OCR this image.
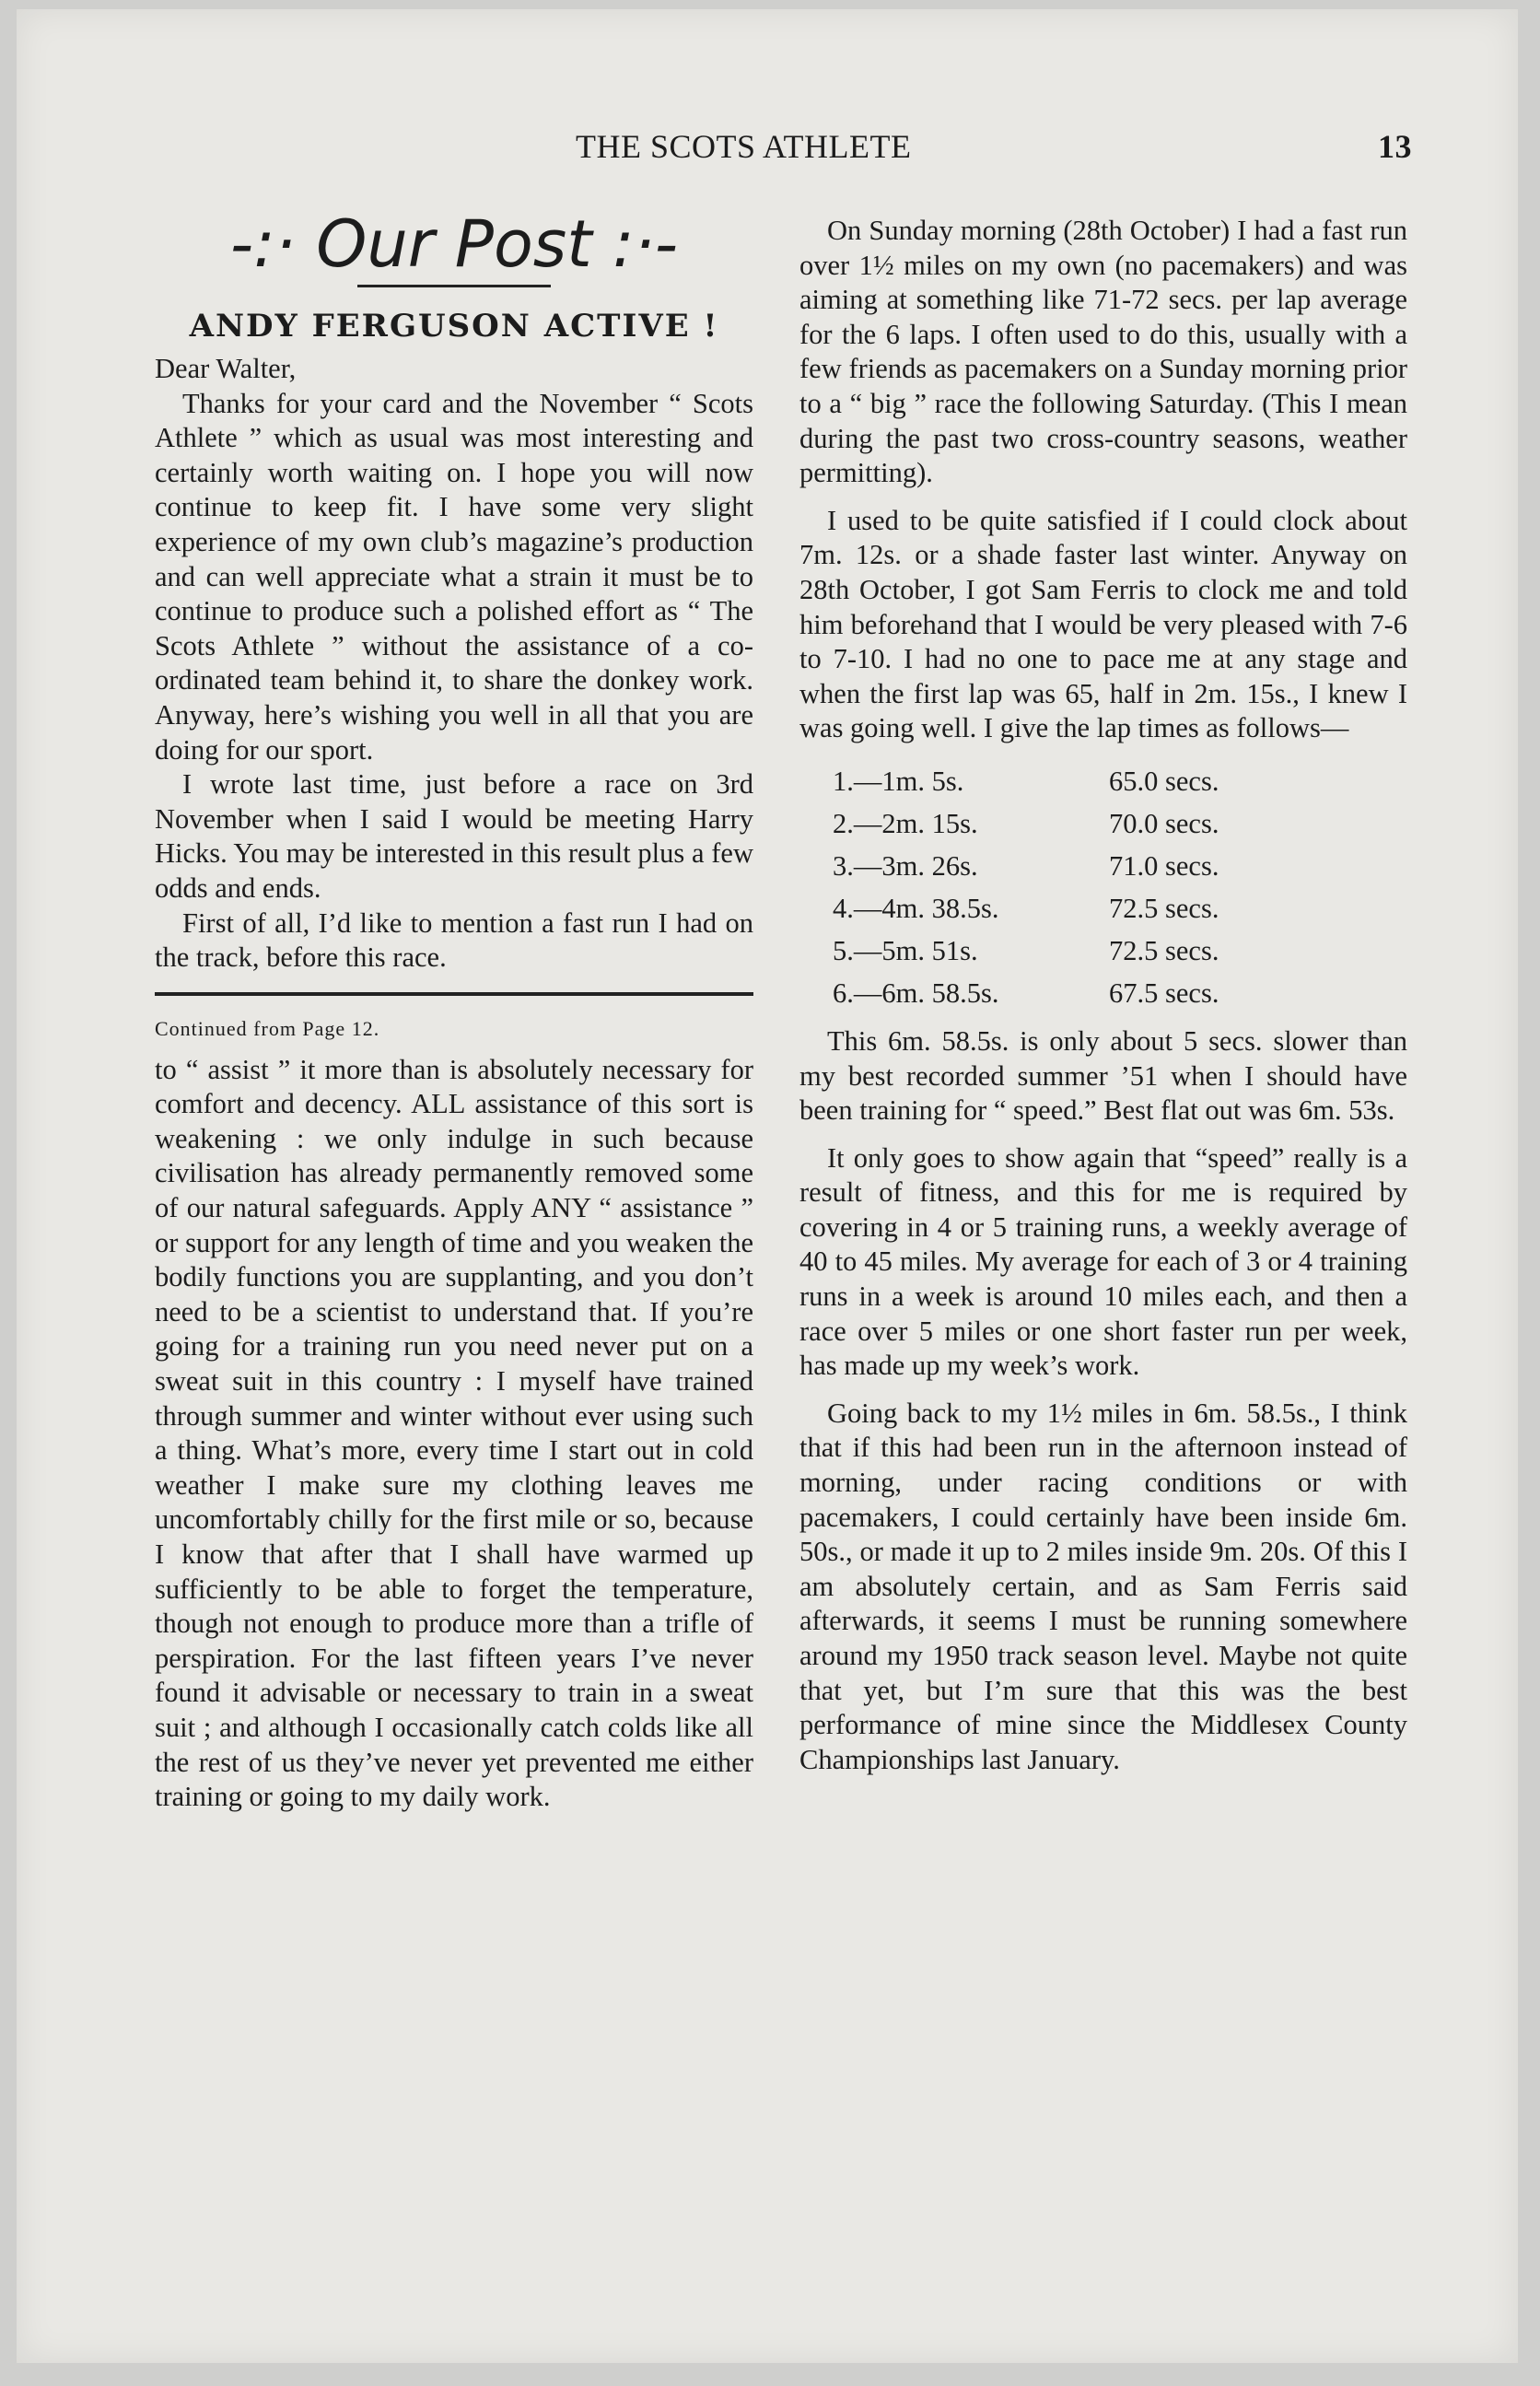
THE SCOTS ATHLETE	13
-:· Our Post :·-
ANDY FERGUSON ACTIVE !

Dear Walter,

Thanks for your card and the November “ Scots Athlete ” which as usual was most interesting and certainly worth waiting on. I hope you will now continue to keep fit. I have some very slight experience of my own club’s magazine’s production and can well appreciate what a strain it must be to continue to produce such a polished effort as “ The Scots Athlete ” without the assistance of a co-ordinated team behind it, to share the donkey work. Anyway, here’s wishing you well in all that you are doing for our sport.

I wrote last time, just before a race on 3rd November when I said I would be meeting Harry Hicks. You may be interested in this result plus a few odds and ends.

First of all, I’d like to mention a fast run I had on the track, before this race.

Continued from Page 12.

to “ assist ” it more than is absolutely necessary for comfort and decency. ALL assistance of this sort is weakening : we only indulge in such because civilisation has already permanently removed some of our natural safeguards. Apply ANY “ assistance ” or support for any length of time and you weaken the bodily functions you are supplanting, and you don’t need to be a scientist to understand that. If you’re going for a training run you need never put on a sweat suit in this country : I myself have trained through summer and winter without ever using such a thing. What’s more, every time I start out in cold weather I make sure my clothing leaves me uncomfortably chilly for the first mile or so, because I know that after that I shall have warmed up sufficiently to be able to forget the temperature, though not enough to produce more than a trifle of perspiration. For the last fifteen years I’ve never found it advisable or necessary to train in a sweat suit ; and although I occasionally catch colds like all the rest of us they’ve never yet prevented me either training or going to my daily work.

On Sunday morning (28th October) I had a fast run over 1½ miles on my own (no pacemakers) and was aiming at something like 71-72 secs. per lap average for the 6 laps. I often used to do this, usually with a few friends as pacemakers on a Sunday morning prior to a “ big ” race the following Saturday. (This I mean during the past two cross-country seasons, weather permitting).

I used to be quite satisfied if I could clock about 7m. 12s. or a shade faster last winter. Anyway on 28th October, I got Sam Ferris to clock me and told him beforehand that I would be very pleased with 7-6 to 7-10. I had no one to pace me at any stage and when the first lap was 65, half in 2m. 15s., I knew I was going well. I give the lap times as follows—

1.—1m. 5s.	65.0 secs.
2.—2m. 15s.	70.0 secs.
3.—3m. 26s.	71.0 secs.
4.—4m. 38.5s.	72.5 secs.
5.—5m. 51s.	72.5 secs.
6.—6m. 58.5s.	67.5 secs.

This 6m. 58.5s. is only about 5 secs. slower than my best recorded summer ’51 when I should have been training for “ speed.” Best flat out was 6m. 53s.

It only goes to show again that “speed” really is a result of fitness, and this for me is required by covering in 4 or 5 training runs, a weekly average of 40 to 45 miles. My average for each of 3 or 4 training runs in a week is around 10 miles each, and then a race over 5 miles or one short faster run per week, has made up my week’s work.

Going back to my 1½ miles in 6m. 58.5s., I think that if this had been run in the afternoon instead of morning, under racing conditions or with pacemakers, I could certainly have been inside 6m. 50s., or made it up to 2 miles inside 9m. 20s. Of this I am absolutely certain, and as Sam Ferris said afterwards, it seems I must be running somewhere around my 1950 track season level. Maybe not quite that yet, but I’m sure that this was the best performance of mine since the Middlesex County Championships last January.
